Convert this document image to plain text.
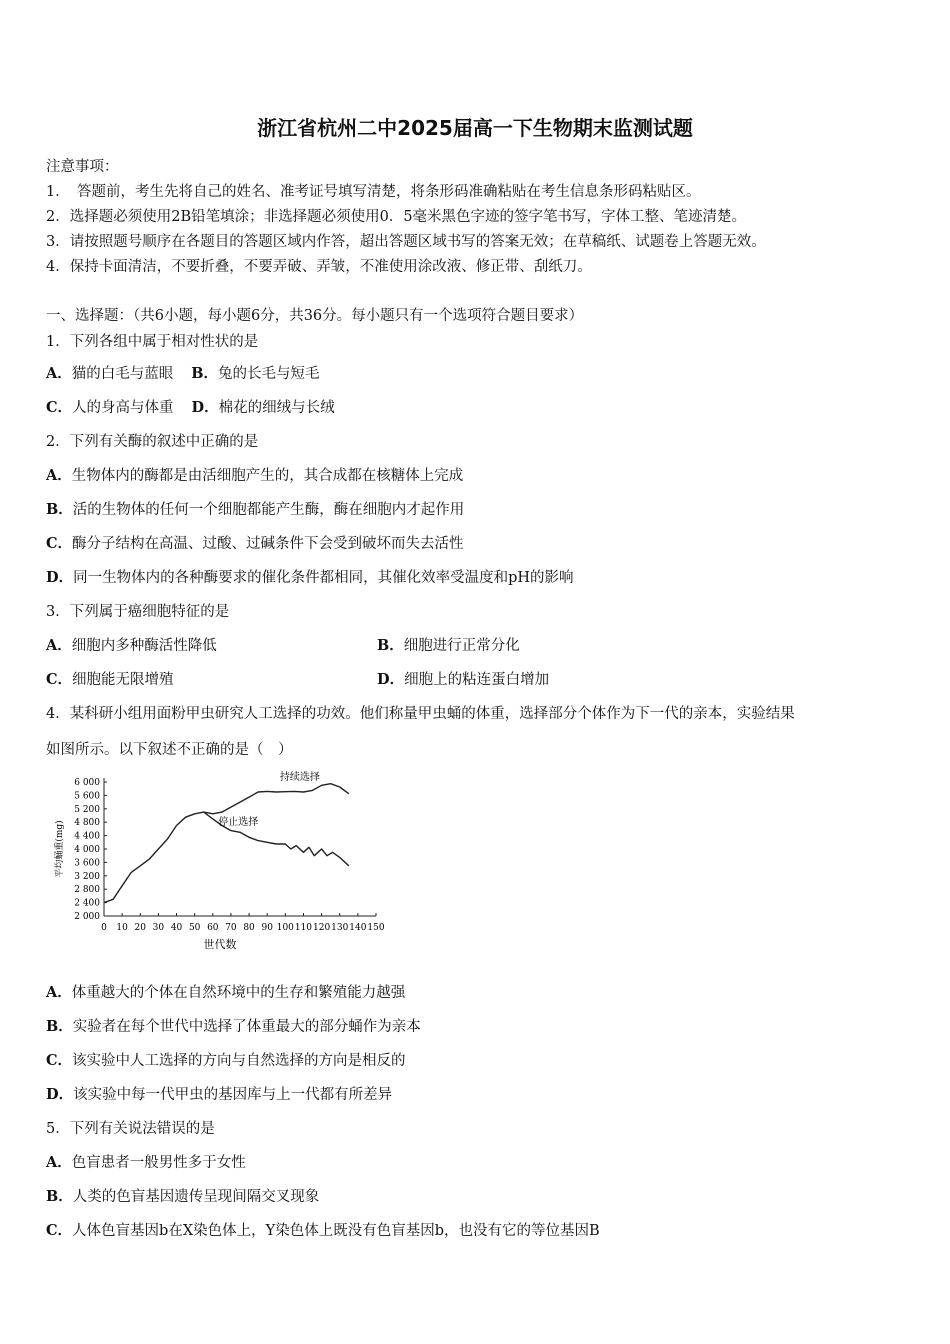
浙江省杭州二中2025届高一下生物期末监测试题
注意事项：
1．　答题前，考生先将自己的姓名、准考证号填写清楚，将条形码准确粘贴在考生信息条形码粘贴区。
2．选择题必须使用2B铅笔填涂；非选择题必须使用0．5毫米黑色字迹的签字笔书写，字体工整、笔迹清楚。
3．请按照题号顺序在各题目的答题区域内作答，超出答题区域书写的答案无效；在草稿纸、试题卷上答题无效。
4．保持卡面清洁，不要折叠，不要弄破、弄皱，不准使用涂改液、修正带、刮纸刀。
一、选择题：（共6小题，每小题6分，共36分。每小题只有一个选项符合题目要求）
1．下列各组中属于相对性状的是
A．猫的白毛与蓝眼 B．兔的长毛与短毛
C．人的身高与体重 D．棉花的细绒与长绒
2．下列有关酶的叙述中正确的是
A．生物体内的酶都是由活细胞产生的，其合成都在核糖体上完成
B．活的生物体的任何一个细胞都能产生酶，酶在细胞内才起作用
C．酶分子结构在高温、过酸、过碱条件下会受到破坏而失去活性
D．同一生物体内的各种酶要求的催化条件都相同，其催化效率受温度和pH的影响
3．下列属于癌细胞特征的是
A．细胞内多种酶活性降低	B．细胞进行正常分化
C．细胞能无限增殖	D．细胞上的粘连蛋白增加
4．某科研小组用面粉甲虫研究人工选择的功效。他们称量甲虫蛹的体重，选择部分个体作为下一代的亲本，实验结果
如图所示。以下叙述不正确的是（　）
2 000
2 400
2 800
3 200
3 600
4 000
4 400
4 800
5 200
5 600
6 000
0 10 20 30 40 50 60 70 80 90 100 110 120 130 140 150
世代数
平均蛹重(mg)
持续选择
停止选择
A．体重越大的个体在自然环境中的生存和繁殖能力越强
B．实验者在每个世代中选择了体重最大的部分蛹作为亲本
C．该实验中人工选择的方向与自然选择的方向是相反的
D．该实验中每一代甲虫的基因库与上一代都有所差异
5．下列有关说法错误的是
A．色盲患者一般男性多于女性
B．人类的色盲基因遗传呈现间隔交叉现象
C．人体色盲基因b在X染色体上，Y染色体上既没有色盲基因b，也没有它的等位基因B
